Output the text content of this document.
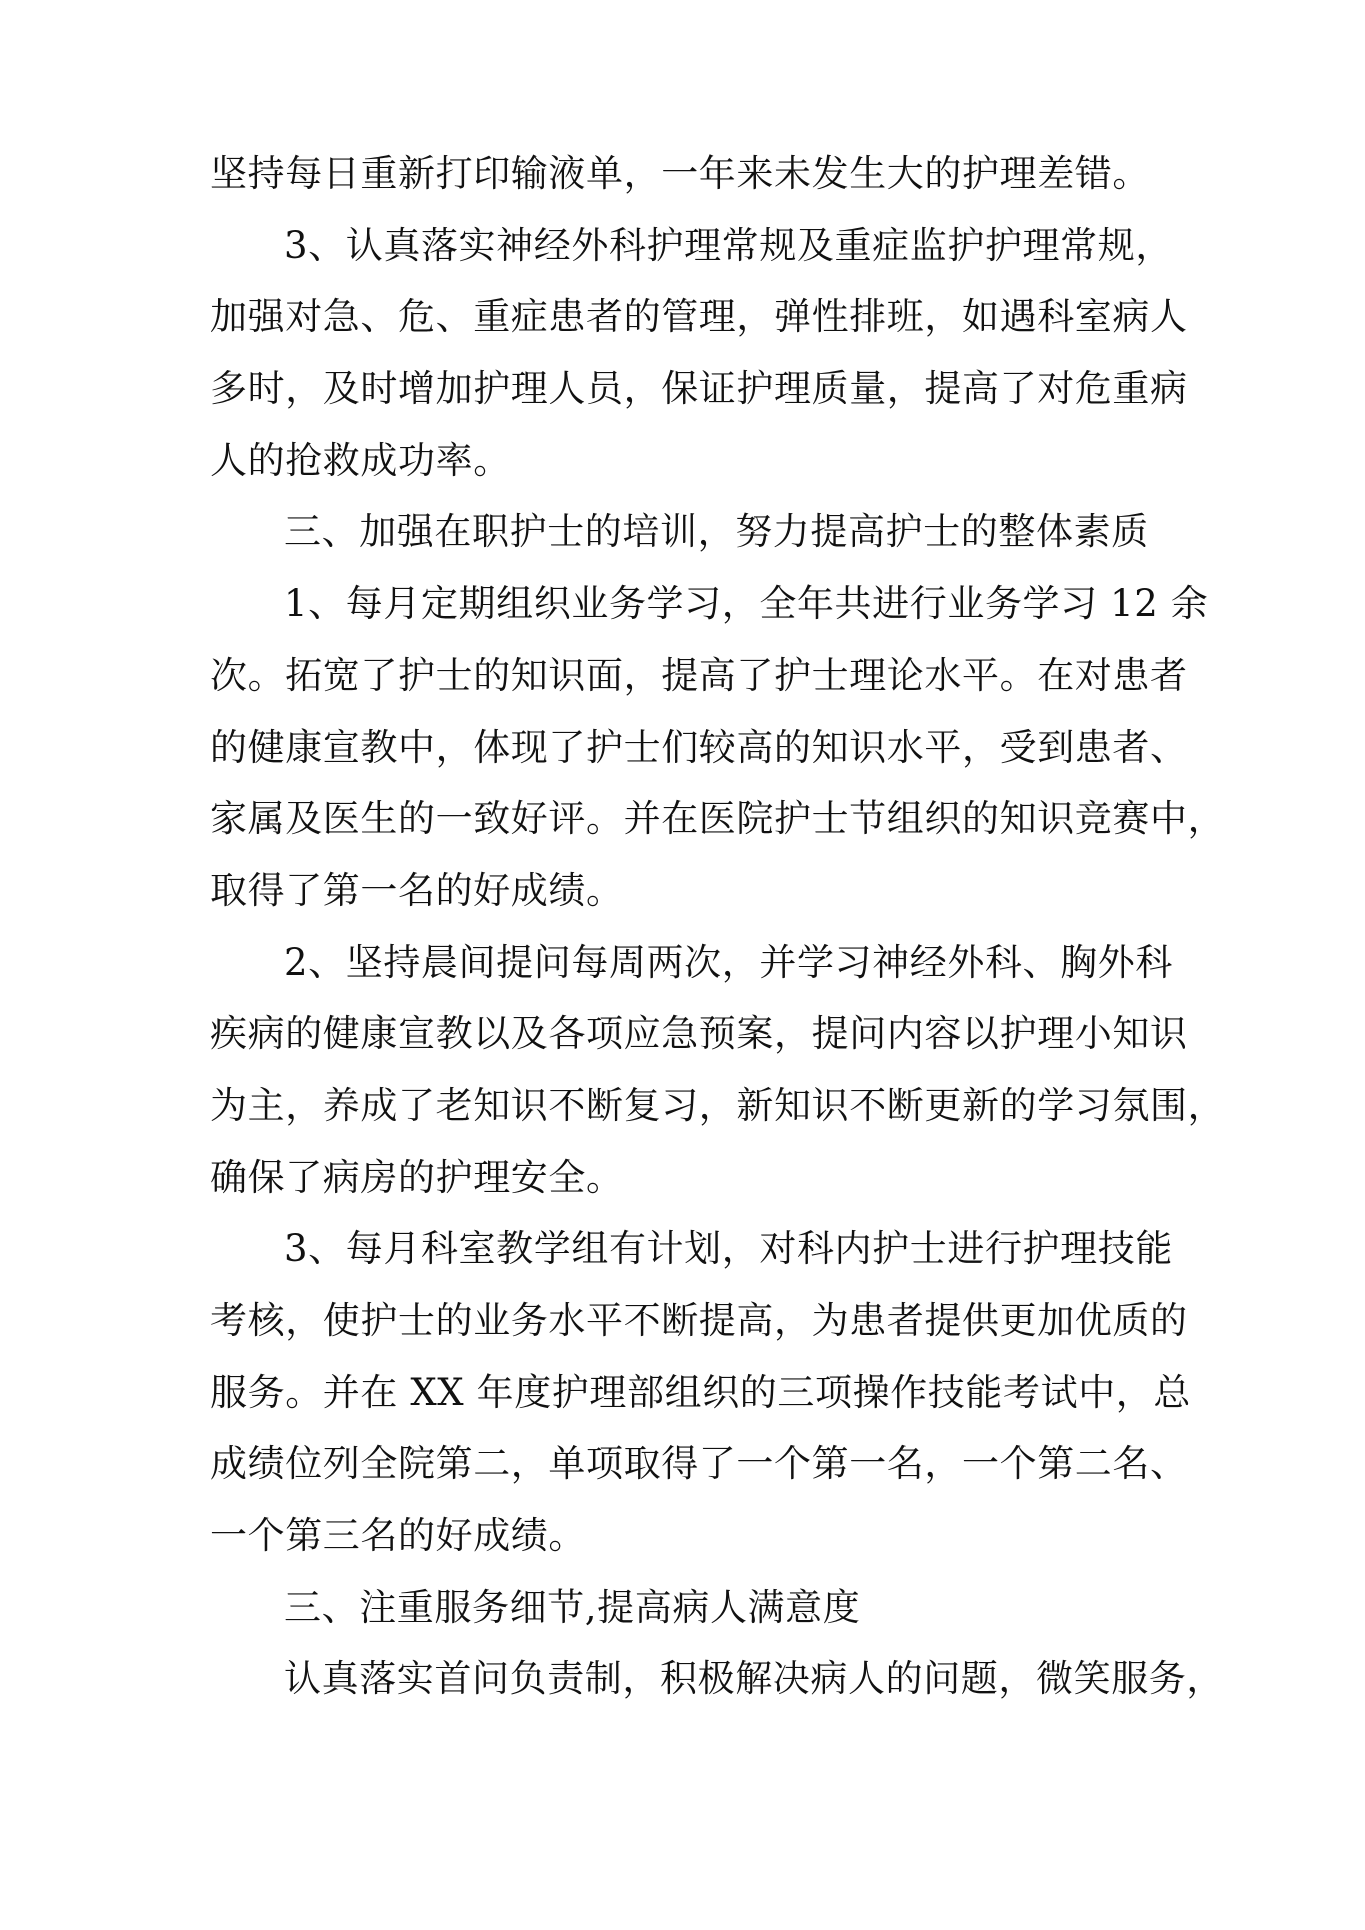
坚持每日重新打印输液单，一年来未发生大的护理差错。
3、认真落实神经外科护理常规及重症监护护理常规，
加强对急、危、重症患者的管理，弹性排班，如遇科室病人
多时，及时增加护理人员，保证护理质量，提高了对危重病
人的抢救成功率。
三、加强在职护士的培训，努力提高护士的整体素质
1、每月定期组织业务学习，全年共进行业务学习 12 余
次。拓宽了护士的知识面，提高了护士理论水平。在对患者
的健康宣教中，体现了护士们较高的知识水平，受到患者、
家属及医生的一致好评。并在医院护士节组织的知识竞赛中，
取得了第一名的好成绩。
2、坚持晨间提问每周两次，并学习神经外科、胸外科
疾病的健康宣教以及各项应急预案，提问内容以护理小知识
为主，养成了老知识不断复习，新知识不断更新的学习氛围，
确保了病房的护理安全。
3、每月科室教学组有计划，对科内护士进行护理技能
考核，使护士的业务水平不断提高，为患者提供更加优质的
服务。并在 XX 年度护理部组织的三项操作技能考试中，总
成绩位列全院第二，单项取得了一个第一名，一个第二名、
一个第三名的好成绩。
三、注重服务细节,提高病人满意度
认真落实首问负责制，积极解决病人的问题，微笑服务，
